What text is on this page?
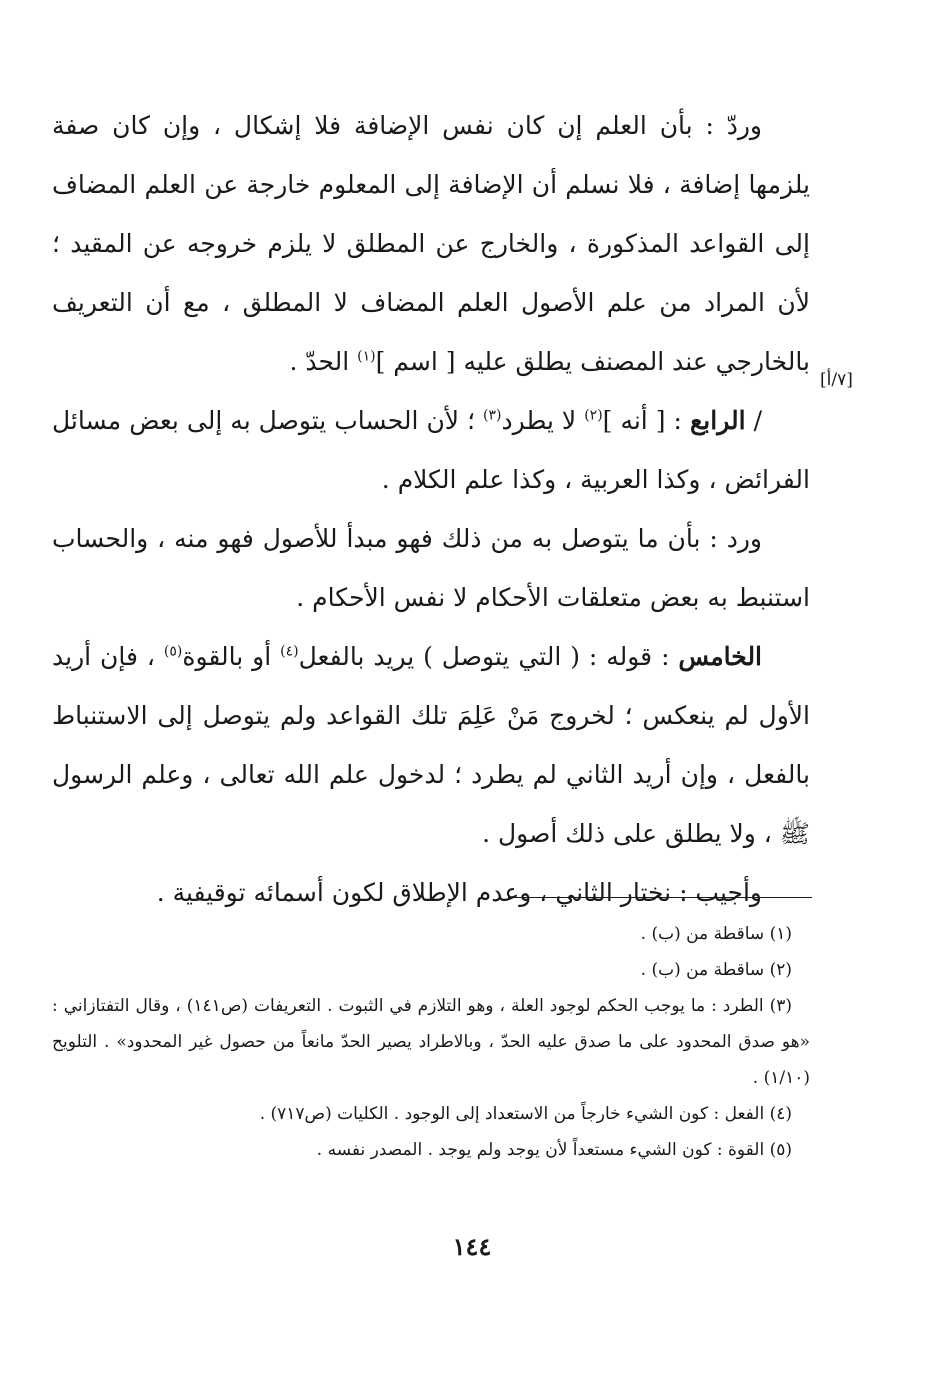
[٧/أ]

وردّ : بأن العلم إن كان نفس الإضافة فلا إشكال ، وإن كان صفة يلزمها إضافة ، فلا نسلم أن الإضافة إلى المعلوم خارجة عن العلم المضاف إلى القواعد المذكورة ، والخارج عن المطلق لا يلزم خروجه عن المقيد ؛ لأن المراد من علم الأصول العلم المضاف لا المطلق ، مع أن التعريف بالخارجي عند المصنف يطلق عليه [ اسم ]$^{(١)}$ الحدّ .

/ الرابع : [ أنه ]$^{(٢)}$ لا يطرد$^{(٣)}$ ؛ لأن الحساب يتوصل به إلى بعض مسائل الفرائض ، وكذا العربية ، وكذا علم الكلام .

ورد : بأن ما يتوصل به من ذلك فهو مبدأ للأصول فهو منه ، والحساب استنبط به بعض متعلقات الأحكام لا نفس الأحكام .

الخامس : قوله : ( التي يتوصل ) يريد بالفعل$^{(٤)}$ أو بالقوة$^{(٥)}$ ، فإن أريد الأول لم ينعكس ؛ لخروج مَنْ عَلِمَ تلك القواعد ولم يتوصل إلى الاستنباط بالفعل ، وإن أريد الثاني لم يطرد ؛ لدخول علم الله تعالى ، وعلم الرسول ﷺ ، ولا يطلق على ذلك أصول .

وأجيب : نختار الثاني ، وعدم الإطلاق لكون أسمائه توقيفية .

(١) ساقطة من (ب) .

(٢) ساقطة من (ب) .

(٣) الطرد : ما يوجب الحكم لوجود العلة ، وهو التلازم في الثبوت . التعريفات (ص١٤١) ، وقال التفتازاني : «هو صدق المحدود على ما صدق عليه الحدّ ، وبالاطراد يصير الحدّ مانعاً من حصول غير المحدود» . التلويح (١/١٠) .

(٤) الفعل : كون الشيء خارجاً من الاستعداد إلى الوجود . الكليات (ص٧١٧) .

(٥) القوة : كون الشيء مستعداً لأن يوجد ولم يوجد . المصدر نفسه .

١٤٤
